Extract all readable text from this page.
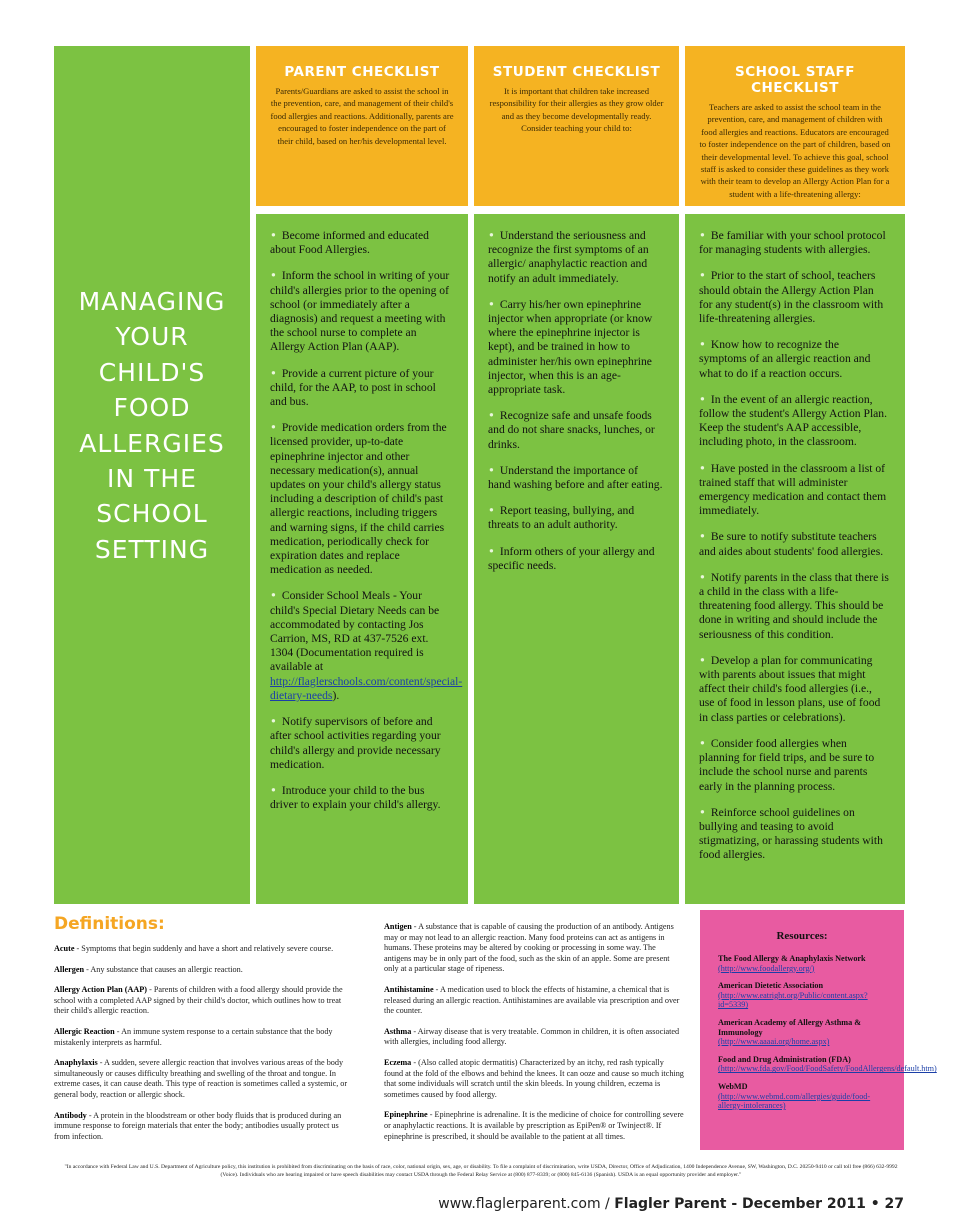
MANAGING
YOUR
CHILD'S
FOOD
ALLERGIES
IN THE
SCHOOL
SETTING
PARENT CHECKLIST

Parents/Guardians are asked to assist the school in the prevention, care, and management of their child's food allergies and reactions. Additionally, parents are encouraged to foster independence on the part of their child, based on her/his developmental level.

STUDENT CHECKLIST

It is important that children take increased responsibility for their allergies as they grow older and as they become developmentally ready. Consider teaching your child to:

SCHOOL STAFF CHECKLIST

Teachers are asked to assist the school team in the prevention, care, and management of children with food allergies and reactions. Educators are encouraged to foster independence on the part of children, based on their developmental level. To achieve this goal, school staff is asked to consider these guidelines as they work with their team to develop an Allergy Action Plan for a student with a life-threatening allergy:

• Become informed and educated about Food Allergies.

• Inform the school in writing of your child's allergies prior to the opening of school (or immediately after a diagnosis) and request a meeting with the school nurse to complete an Allergy Action Plan (AAP).

• Provide a current picture of your child, for the AAP, to post in school and bus.

• Provide medication orders from the licensed provider, up-to-date epinephrine injector and other necessary medication(s), annual updates on your child's allergy status including a description of child's past allergic reactions, including triggers and warning signs, if the child carries medication, periodically check for expiration dates and replace medication as needed.

• Consider School Meals - Your child's Special Dietary Needs can be accommodated by contacting Jos Carrion, MS, RD at 437-7526 ext. 1304 (Documentation required is available at http://flaglerschools.com/content/special-dietary-needs).

• Notify supervisors of before and after school activities regarding your child's allergy and provide necessary medication.

• Introduce your child to the bus driver to explain your child's allergy.

• Understand the seriousness and recognize the first symptoms of an allergic/ anaphylactic reaction and notify an adult immediately.

• Carry his/her own epinephrine injector when appropriate (or know where the epinephrine injector is kept), and be trained in how to administer her/his own epinephrine injector, when this is an age-appropriate task.

• Recognize safe and unsafe foods and do not share snacks, lunches, or drinks.

• Understand the importance of hand washing before and after eating.

• Report teasing, bullying, and threats to an adult authority.

• Inform others of your allergy and specific needs.

• Be familiar with your school protocol for managing students with allergies.

• Prior to the start of school, teachers should obtain the Allergy Action Plan for any student(s) in the classroom with life-threatening allergies.

• Know how to recognize the symptoms of an allergic reaction and what to do if a reaction occurs.

• In the event of an allergic reaction, follow the student's Allergy Action Plan. Keep the student's AAP accessible, including photo, in the classroom.

• Have posted in the classroom a list of trained staff that will administer emergency medication and contact them immediately.

• Be sure to notify substitute teachers and aides about students' food allergies.

• Notify parents in the class that there is a child in the class with a life-threatening food allergy. This should be done in writing and should include the seriousness of this condition.

• Develop a plan for communicating with parents about issues that might affect their child's food allergies (i.e., use of food in lesson plans, use of food in class parties or celebrations).

• Consider food allergies when planning for field trips, and be sure to include the school nurse and parents early in the planning process.

• Reinforce school guidelines on bullying and teasing to avoid stigmatizing, or harassing students with food allergies.

Definitions:

Acute - Symptoms that begin suddenly and have a short and relatively severe course.

Allergen - Any substance that causes an allergic reaction.

Allergy Action Plan (AAP) - Parents of children with a food allergy should provide the school with a completed AAP signed by their child's doctor, which outlines how to treat their child's allergic reaction.

Allergic Reaction - An immune system response to a certain substance that the body mistakenly interprets as harmful.

Anaphylaxis - A sudden, severe allergic reaction that involves various areas of the body simultaneously or causes difficulty breathing and swelling of the throat and tongue. In extreme cases, it can cause death. This type of reaction is sometimes called a systemic, or general body, reaction or allergic shock.

Antibody - A protein in the bloodstream or other body fluids that is produced during an immune response to foreign materials that enter the body; antibodies usually protect us from infection.

Antigen - A substance that is capable of causing the production of an antibody. Antigens may or may not lead to an allergic reaction. Many food proteins can act as antigens in humans. These proteins may be altered by cooking or processing in some way. The antigens may be in only part of the food, such as the skin of an apple. Some are present only at a particular stage of ripeness.

Antihistamine - A medication used to block the effects of histamine, a chemical that is released during an allergic reaction. Antihistamines are available via prescription and over the counter.

Asthma - Airway disease that is very treatable. Common in children, it is often associated with allergies, including food allergy.

Eczema - (Also called atopic dermatitis) Characterized by an itchy, red rash typically found at the fold of the elbows and behind the knees. It can ooze and cause so much itching that some individuals will scratch until the skin bleeds. In young children, eczema is sometimes caused by food allergy.

Epinephrine - Epinephrine is adrenaline. It is the medicine of choice for controlling severe or anaphylactic reactions. It is available by prescription as EpiPen® or Twinject®. If epinephrine is prescribed, it should be available to the patient at all times.

Resources:
The Food Allergy & Anaphylaxis Network
(http://www.foodallergy.org/)
American Dietetic Association
(http://www.eatright.org/Public/content.aspx?id=5339)
American Academy of Allergy Asthma & Immunology
(http://www.aaaai.org/home.aspx)
Food and Drug Administration (FDA)
(http://www.fda.gov/Food/FoodSafety/FoodAllergens/default.htm)
WebMD
(http://www.webmd.com/allergies/guide/food-allergy-intolerances)
"In accordance with Federal Law and U.S. Department of Agriculture policy, this institution is prohibited from discriminating on the basis of race, color, national origin, sex, age, or disability. To file a complaint of discrimination, write USDA, Director, Office of Adjudication, 1400 Independence Avenue, SW, Washington, D.C. 20250-9410 or call toll free (866) 632-9992 (Voice). Individuals who are hearing impaired or have speech disabilities may contact USDA through the Federal Relay Service at (800) 877-8339; or (800) 845-6136 (Spanish). USDA is an equal opportunity provider and employer."
www.flaglerparent.com / Flagler Parent - December 2011 • 27
